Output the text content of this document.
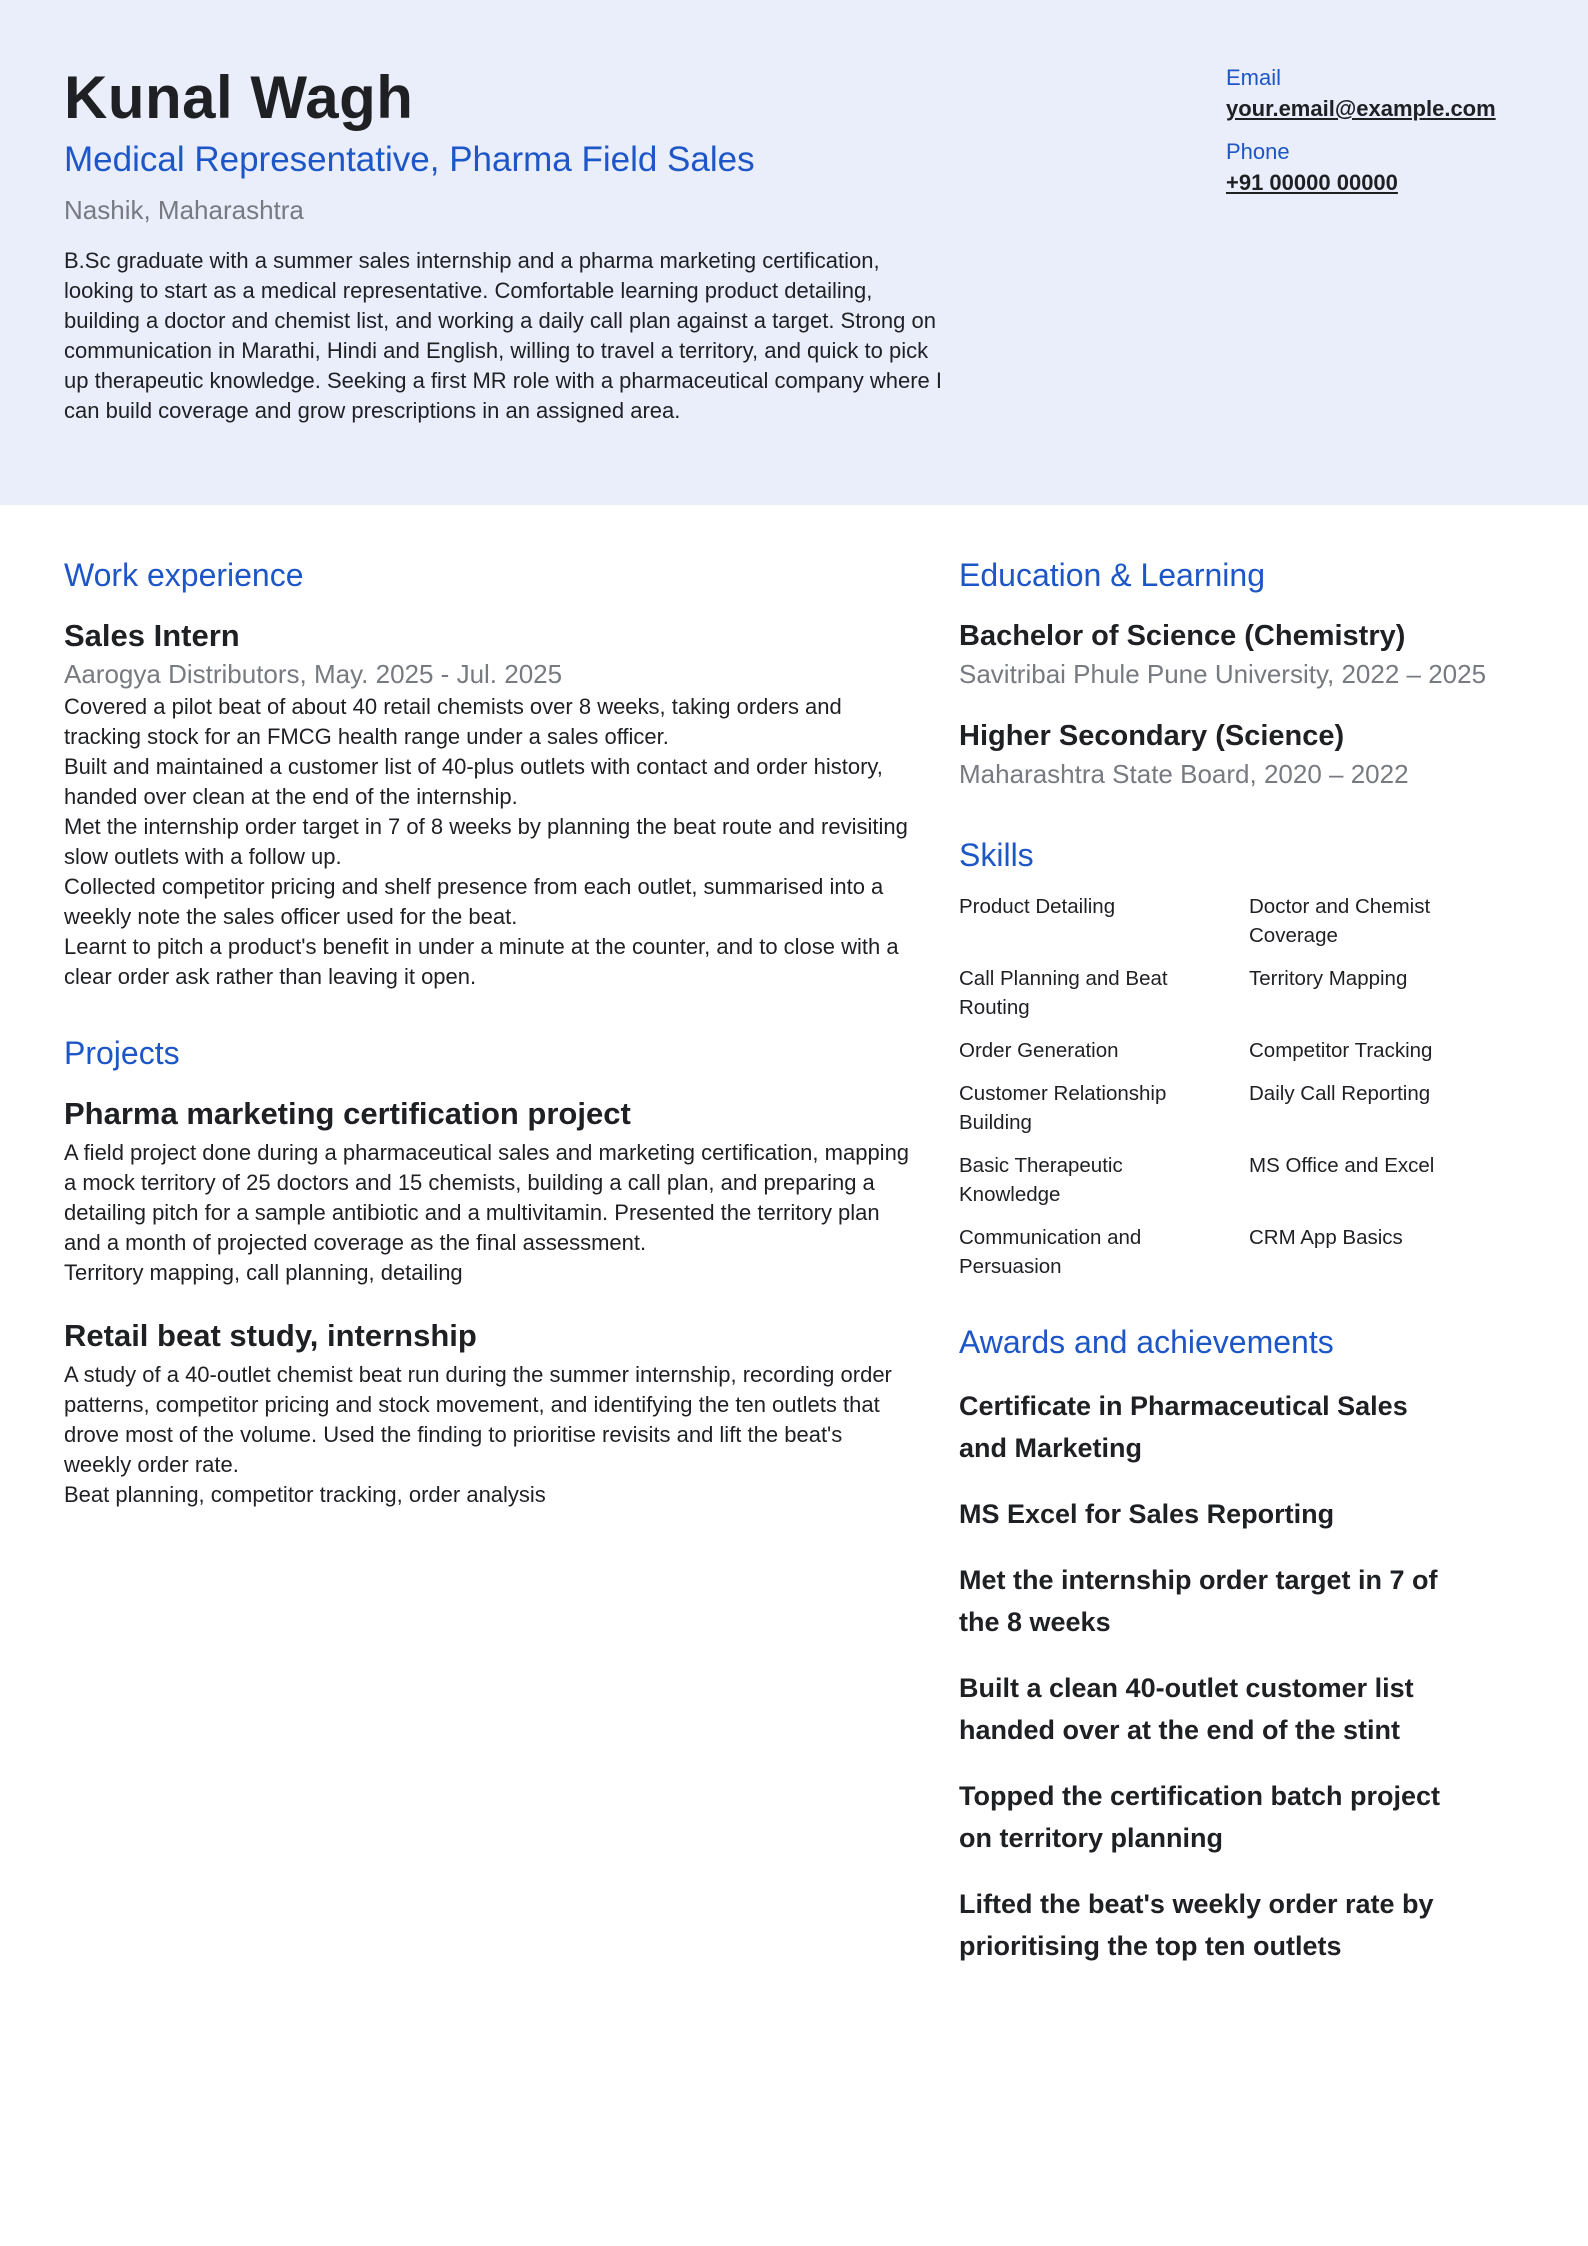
Kunal Wagh
Medical Representative, Pharma Field Sales
Nashik, Maharashtra

B.Sc graduate with a summer sales internship and a pharma marketing certification, looking to start as a medical representative. Comfortable learning product detailing, building a doctor and chemist list, and working a daily call plan against a target. Strong on communication in Marathi, Hindi and English, willing to travel a territory, and quick to pick up therapeutic knowledge. Seeking a first MR role with a pharmaceutical company where I can build coverage and grow prescriptions in an assigned area.

Email
your.email@example.com
Phone
+91 00000 00000
Work experience
Sales Intern
Aarogya Distributors, May. 2025 - Jul. 2025
Covered a pilot beat of about 40 retail chemists over 8 weeks, taking orders and tracking stock for an FMCG health range under a sales officer.
Built and maintained a customer list of 40-plus outlets with contact and order history, handed over clean at the end of the internship.
Met the internship order target in 7 of 8 weeks by planning the beat route and revisiting slow outlets with a follow up.
Collected competitor pricing and shelf presence from each outlet, summarised into a weekly note the sales officer used for the beat.
Learnt to pitch a product's benefit in under a minute at the counter, and to close with a clear order ask rather than leaving it open.
Projects
Pharma marketing certification project
A field project done during a pharmaceutical sales and marketing certification, mapping a mock territory of 25 doctors and 15 chemists, building a call plan, and preparing a detailing pitch for a sample antibiotic and a multivitamin. Presented the territory plan and a month of projected coverage as the final assessment.
Territory mapping, call planning, detailing
Retail beat study, internship
A study of a 40-outlet chemist beat run during the summer internship, recording order patterns, competitor pricing and stock movement, and identifying the ten outlets that drove most of the volume. Used the finding to prioritise revisits and lift the beat's weekly order rate.
Beat planning, competitor tracking, order analysis
Education & Learning
Bachelor of Science (Chemistry)
Savitribai Phule Pune University, 2022 – 2025
Higher Secondary (Science)
Maharashtra State Board, 2020 – 2022
Skills
Product Detailing	Doctor and Chemist Coverage
Call Planning and Beat Routing
Territory Mapping
Order Generation	Competitor Tracking
Customer Relationship Building
Daily Call Reporting
Basic Therapeutic Knowledge
MS Office and Excel
Communication and Persuasion
CRM App Basics
Awards and achievements
Certificate in Pharmaceutical Sales and Marketing
MS Excel for Sales Reporting
Met the internship order target in 7 of the 8 weeks
Built a clean 40-outlet customer list handed over at the end of the stint
Topped the certification batch project on territory planning
Lifted the beat's weekly order rate by prioritising the top ten outlets
